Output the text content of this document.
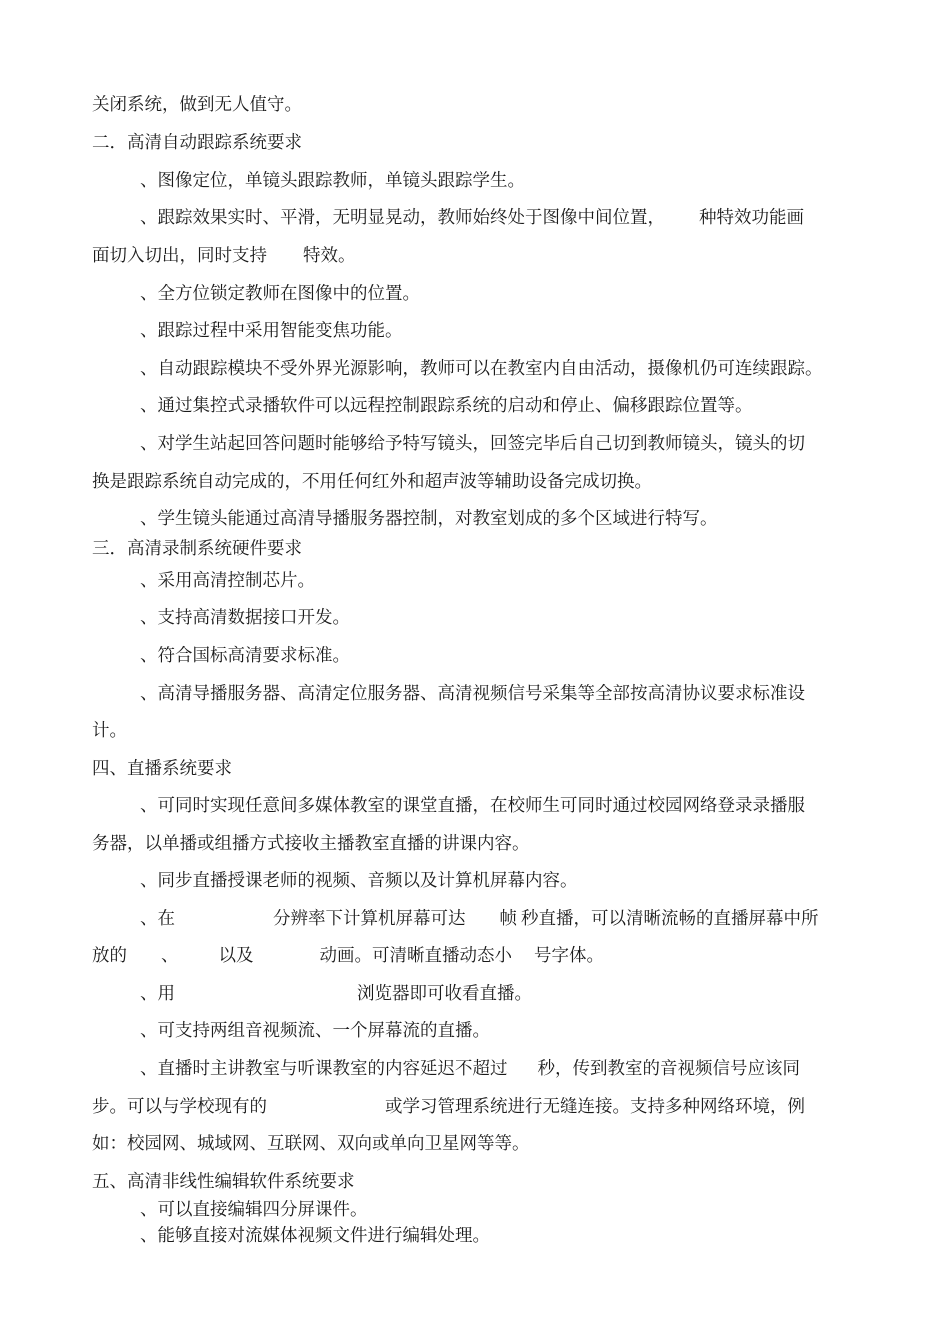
关闭系统，做到无人值守。
二．高清自动跟踪系统要求
、图像定位，单镜头跟踪教师，单镜头跟踪学生。
、跟踪效果实时、平滑，无明显晃动，教师始终处于图像中间位置， 种特效功能画
面切入切出，同时支持 特效。
、全方位锁定教师在图像中的位置。
、跟踪过程中采用智能变焦功能。
、自动跟踪模块不受外界光源影响，教师可以在教室内自由活动，摄像机仍可连续跟踪。
、通过集控式录播软件可以远程控制跟踪系统的启动和停止、偏移跟踪位置等。
、对学生站起回答问题时能够给予特写镜头，回签完毕后自己切到教师镜头，镜头的切
换是跟踪系统自动完成的，不用任何红外和超声波等辅助设备完成切换。
、学生镜头能通过高清导播服务器控制，对教室划成的多个区域进行特写。
三．高清录制系统硬件要求
、采用高清控制芯片。
、支持高清数据接口开发。
、符合国标高清要求标准。
、高清导播服务器、高清定位服务器、高清视频信号采集等全部按高清协议要求标准设
计。
四、直播系统要求
、可同时实现任意间多媒体教室的课堂直播，在校师生可同时通过校园网络登录录播服
务器，以单播或组播方式接收主播教室直播的讲课内容。
、同步直播授课老师的视频、音频以及计算机屏幕内容。
、在	分辨率下计算机屏幕可达 帧 秒直播，可以清晰流畅的直播屏幕中所
放的 、 以及	动画。可清晰直播动态小 号字体。
、用	浏览器即可收看直播。
、可支持两组音视频流、一个屏幕流的直播。
、直播时主讲教室与听课教室的内容延迟不超过 秒，传到教室的音视频信号应该同
步。可以与学校现有的	或学习管理系统进行无缝连接。支持多种网络环境，例
如：校园网、城域网、互联网、双向或单向卫星网等等。
五、高清非线性编辑软件系统要求
、可以直接编辑四分屏课件。
、能够直接对流媒体视频文件进行编辑处理。
